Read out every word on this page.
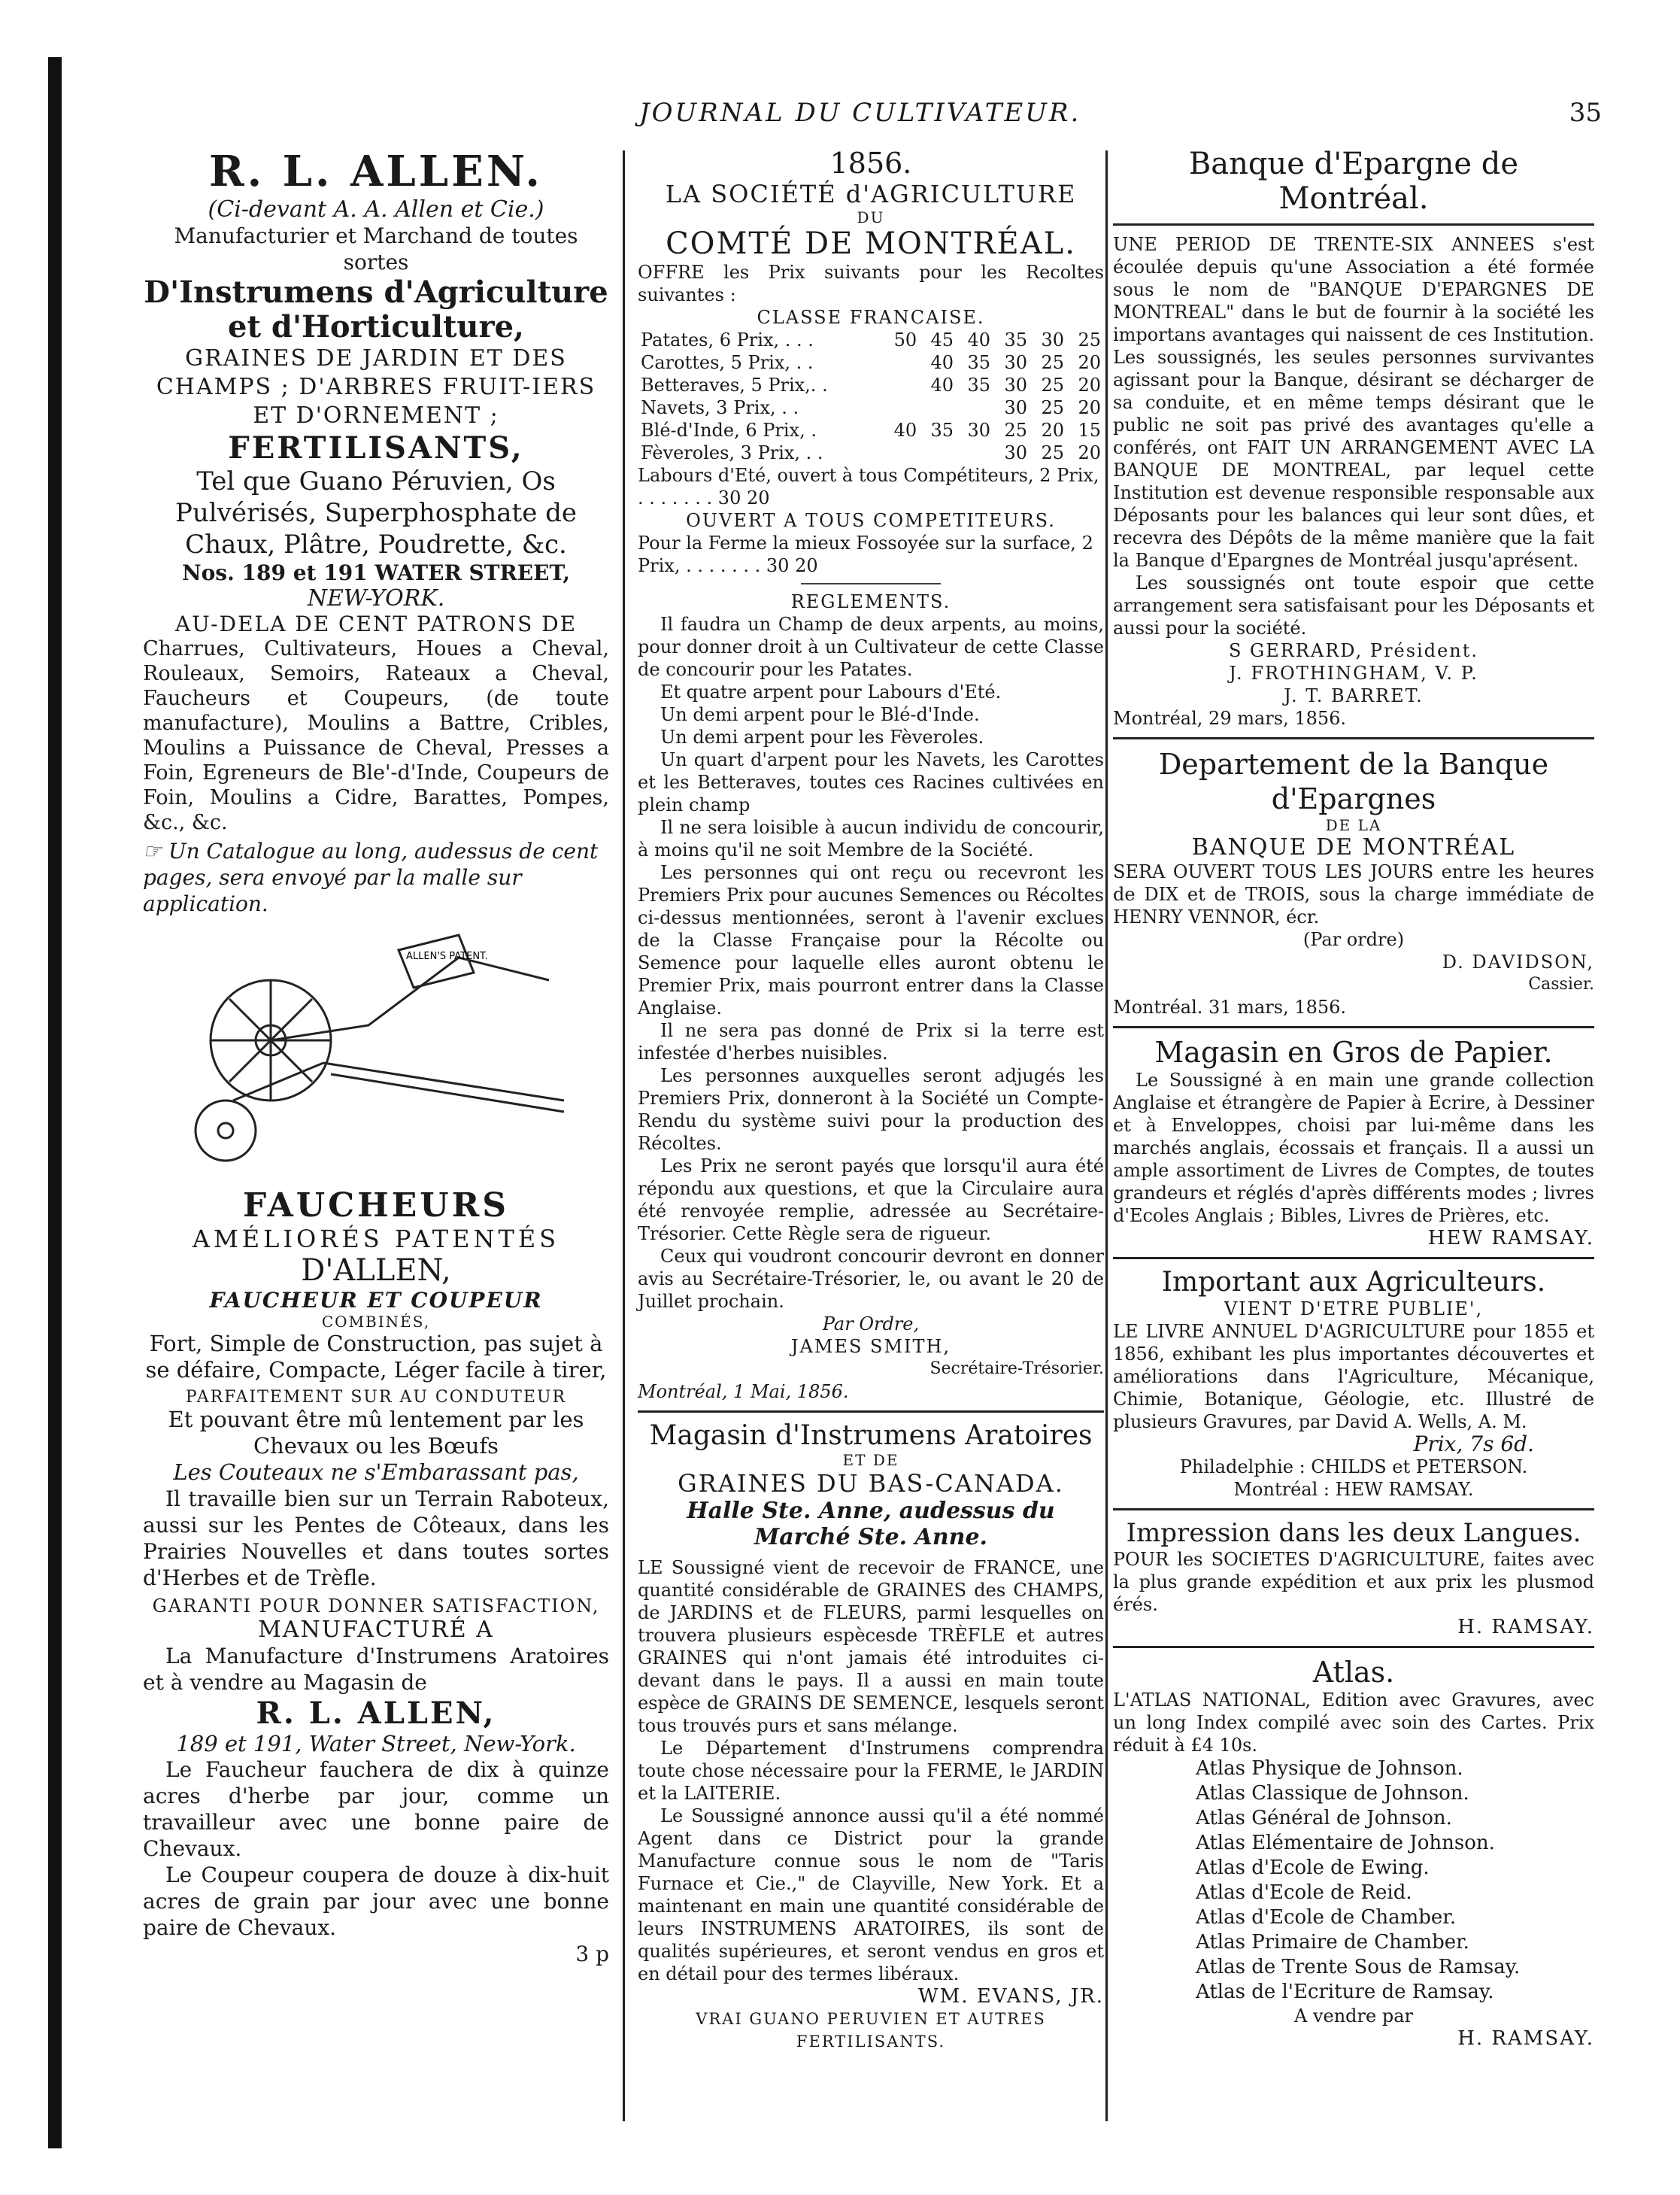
JOURNAL DU CULTIVATEUR.	35

R. L. ALLEN.

(Ci-devant A. A. Allen et Cie.)

Manufacturier et Marchand de toutes sortes

D'Instrumens d'Agriculture

et d'Horticulture,

GRAINES DE JARDIN ET DES CHAMPS ; D'ARBRES FRUIT-IERS ET D'ORNEMENT ;

FERTILISANTS,

Tel que Guano Péruvien, Os Pulvérisés, Superphosphate de Chaux, Plâtre, Poudrette, &c.

Nos. 189 et 191 WATER STREET,

NEW-YORK.

AU-DELA DE CENT PATRONS DE

Charrues, Cultivateurs, Houes a Cheval, Rouleaux, Semoirs, Rateaux a Cheval, Faucheurs et Coupeurs, (de toute manufacture), Moulins a Battre, Cribles, Moulins a Puissance de Cheval, Presses a Foin, Egreneurs de Ble'-d'Inde, Coupeurs de Foin, Moulins a Cidre, Barattes, Pompes, &c., &c.

☞ Un Catalogue au long, audessus de cent pages, sera envoyé par la malle sur application.

ALLEN'S PATENT.

FAUCHEURS

AMÉLIORÉS PATENTÉS

D'ALLEN,

FAUCHEUR ET COUPEUR

COMBINÉS,

Fort, Simple de Construction, pas sujet à se défaire, Compacte, Léger facile à tirer,

PARFAITEMENT SUR AU CONDUTEUR

Et pouvant être mû lentement par les Chevaux ou les Bœufs

Les Couteaux ne s'Embarassant pas,

Il travaille bien sur un Terrain Raboteux, aussi sur les Pentes de Côteaux, dans les Prairies Nouvelles et dans toutes sortes d'Herbes et de Trèfle.

GARANTI POUR DONNER SATISFACTION,

MANUFACTURÉ A

La Manufacture d'Instrumens Aratoires et à vendre au Magasin de

R. L. ALLEN,

189 et 191, Water Street, New-York.

Le Faucheur fauchera de dix à quinze acres d'herbe par jour, comme un travailleur avec une bonne paire de Chevaux.

Le Coupeur coupera de douze à dix-huit acres de grain par jour avec une bonne paire de Chevaux.

3 p

1856.

LA SOCIÉTÉ d'AGRICULTURE

DU

COMTÉ DE MONTRÉAL.

OFFRE les Prix suivants pour les Recoltes suivantes :

CLASSE FRANCAISE.

Patates, 6 Prix, . . .	50	45	40	35	30	25
Carottes, 5 Prix, . .		40	35	30	25	20
Betteraves, 5 Prix,. .		40	35	30	25	20
Navets, 3 Prix, . .				30	25	20
Blé-d'Inde, 6 Prix, .	40	35	30	25	20	15
Fèveroles, 3 Prix, . .				30	25	20

Labours d'Eté, ouvert à tous Compétiteurs, 2 Prix, . . . . . . . 30 20

OUVERT A TOUS COMPETITEURS.

Pour la Ferme la mieux Fossoyée sur la surface, 2 Prix, . . . . . . . 30 20

REGLEMENTS.

Il faudra un Champ de deux arpents, au moins, pour donner droit à un Cultivateur de cette Classe de concourir pour les Patates.

Et quatre arpent pour Labours d'Eté.

Un demi arpent pour le Blé-d'Inde.

Un demi arpent pour les Fèveroles.

Un quart d'arpent pour les Navets, les Carottes et les Betteraves, toutes ces Racines cultivées en plein champ

Il ne sera loisible à aucun individu de concourir, à moins qu'il ne soit Membre de la Société.

Les personnes qui ont reçu ou recevront les Premiers Prix pour aucunes Semences ou Récoltes ci-dessus mentionnées, seront à l'avenir exclues de la Classe Française pour la Récolte ou Semence pour laquelle elles auront obtenu le Premier Prix, mais pourront entrer dans la Classe Anglaise.

Il ne sera pas donné de Prix si la terre est infestée d'herbes nuisibles.

Les personnes auxquelles seront adjugés les Premiers Prix, donneront à la Société un Compte-Rendu du système suivi pour la production des Récoltes.

Les Prix ne seront payés que lorsqu'il aura été répondu aux questions, et que la Circulaire aura été renvoyée remplie, adressée au Secrétaire-Trésorier. Cette Règle sera de rigueur.

Ceux qui voudront concourir devront en donner avis au Secrétaire-Trésorier, le, ou avant le 20 de Juillet prochain.

Par Ordre,

JAMES SMITH,

Secrétaire-Trésorier.

Montréal, 1 Mai, 1856.

Magasin d'Instrumens Aratoires

ET DE

GRAINES DU BAS-CANADA.

Halle Ste. Anne, audessus du Marché Ste. Anne.

LE Soussigné vient de recevoir de FRANCE, une quantité considérable de GRAINES des CHAMPS, de JARDINS et de FLEURS, parmi lesquelles on trouvera plusieurs espècesde TRÈFLE et autres GRAINES qui n'ont jamais été introduites ci-devant dans le pays. Il a aussi en main toute espèce de GRAINS DE SEMENCE, lesquels seront tous trouvés purs et sans mélange.

Le Département d'Instrumens comprendra toute chose nécessaire pour la FERME, le JARDIN et la LAITERIE.

Le Soussigné annonce aussi qu'il a été nommé Agent dans ce District pour la grande Manufacture connue sous le nom de "Taris Furnace et Cie.," de Clayville, New York. Et a maintenant en main une quantité considérable de leurs INSTRUMENS ARATOIRES, ils sont de qualités supérieures, et seront vendus en gros et en détail pour des termes libéraux.

WM. EVANS, JR.

VRAI GUANO PERUVIEN ET AUTRES FERTILISANTS.

Banque d'Epargne de Montréal.

UNE PERIOD DE TRENTE-SIX ANNEES s'est écoulée depuis qu'une Association a été formée sous le nom de "BANQUE D'EPARGNES DE MONTREAL" dans le but de fournir à la société les importans avantages qui naissent de ces Institution. Les soussignés, les seules personnes survivantes agissant pour la Banque, désirant se décharger de sa conduite, et en même temps désirant que le public ne soit pas privé des avantages qu'elle a conférés, ont FAIT UN ARRANGEMENT AVEC LA BANQUE DE MONTREAL, par lequel cette Institution est devenue responsible responsable aux Déposants pour les balances qui leur sont dûes, et recevra des Dépôts de la même manière que la fait la Banque d'Epargnes de Montréal jusqu'aprésent.

Les soussignés ont toute espoir que cette arrangement sera satisfaisant pour les Déposants et aussi pour la société.

S GERRARD, Président.

J. FROTHINGHAM, V. P.

J. T. BARRET.

Montréal, 29 mars, 1856.

Departement de la Banque d'Epargnes

DE LA

BANQUE DE MONTRÉAL

SERA OUVERT TOUS LES JOURS entre les heures de DIX et de TROIS, sous la charge immédiate de HENRY VENNOR, écr.

(Par ordre)

D. DAVIDSON,

Cassier.

Montréal. 31 mars, 1856.

Magasin en Gros de Papier.

Le Soussigné à en main une grande collection Anglaise et étrangère de Papier à Ecrire, à Dessiner et à Enveloppes, choisi par lui-même dans les marchés anglais, écossais et français. Il a aussi un ample assortiment de Livres de Comptes, de toutes grandeurs et réglés d'après différents modes ; livres d'Ecoles Anglais ; Bibles, Livres de Prières, etc.

HEW RAMSAY.

Important aux Agriculteurs.

VIENT D'ETRE PUBLIE',

LE LIVRE ANNUEL D'AGRICULTURE pour 1855 et 1856, exhibant les plus importantes découvertes et améliorations dans l'Agriculture, Mécanique, Chimie, Botanique, Géologie, etc. Illustré de plusieurs Gravures, par David A. Wells, A. M.

Prix, 7s 6d.

Philadelphie : CHILDS et PETERSON.

Montréal : HEW RAMSAY.

Impression dans les deux Langues.

POUR les SOCIETES D'AGRICULTURE, faites avec la plus grande expédition et aux prix les plusmod érés.

H. RAMSAY.

Atlas.

L'ATLAS NATIONAL, Edition avec Gravures, avec un long Index compilé avec soin des Cartes. Prix réduit à £4 10s.

Atlas Physique de Johnson.

Atlas Classique de Johnson.

Atlas Général de Johnson.

Atlas Elémentaire de Johnson.

Atlas d'Ecole de Ewing.

Atlas d'Ecole de Reid.

Atlas d'Ecole de Chamber.

Atlas Primaire de Chamber.

Atlas de Trente Sous de Ramsay.

Atlas de l'Ecriture de Ramsay.

A vendre par

H. RAMSAY.
